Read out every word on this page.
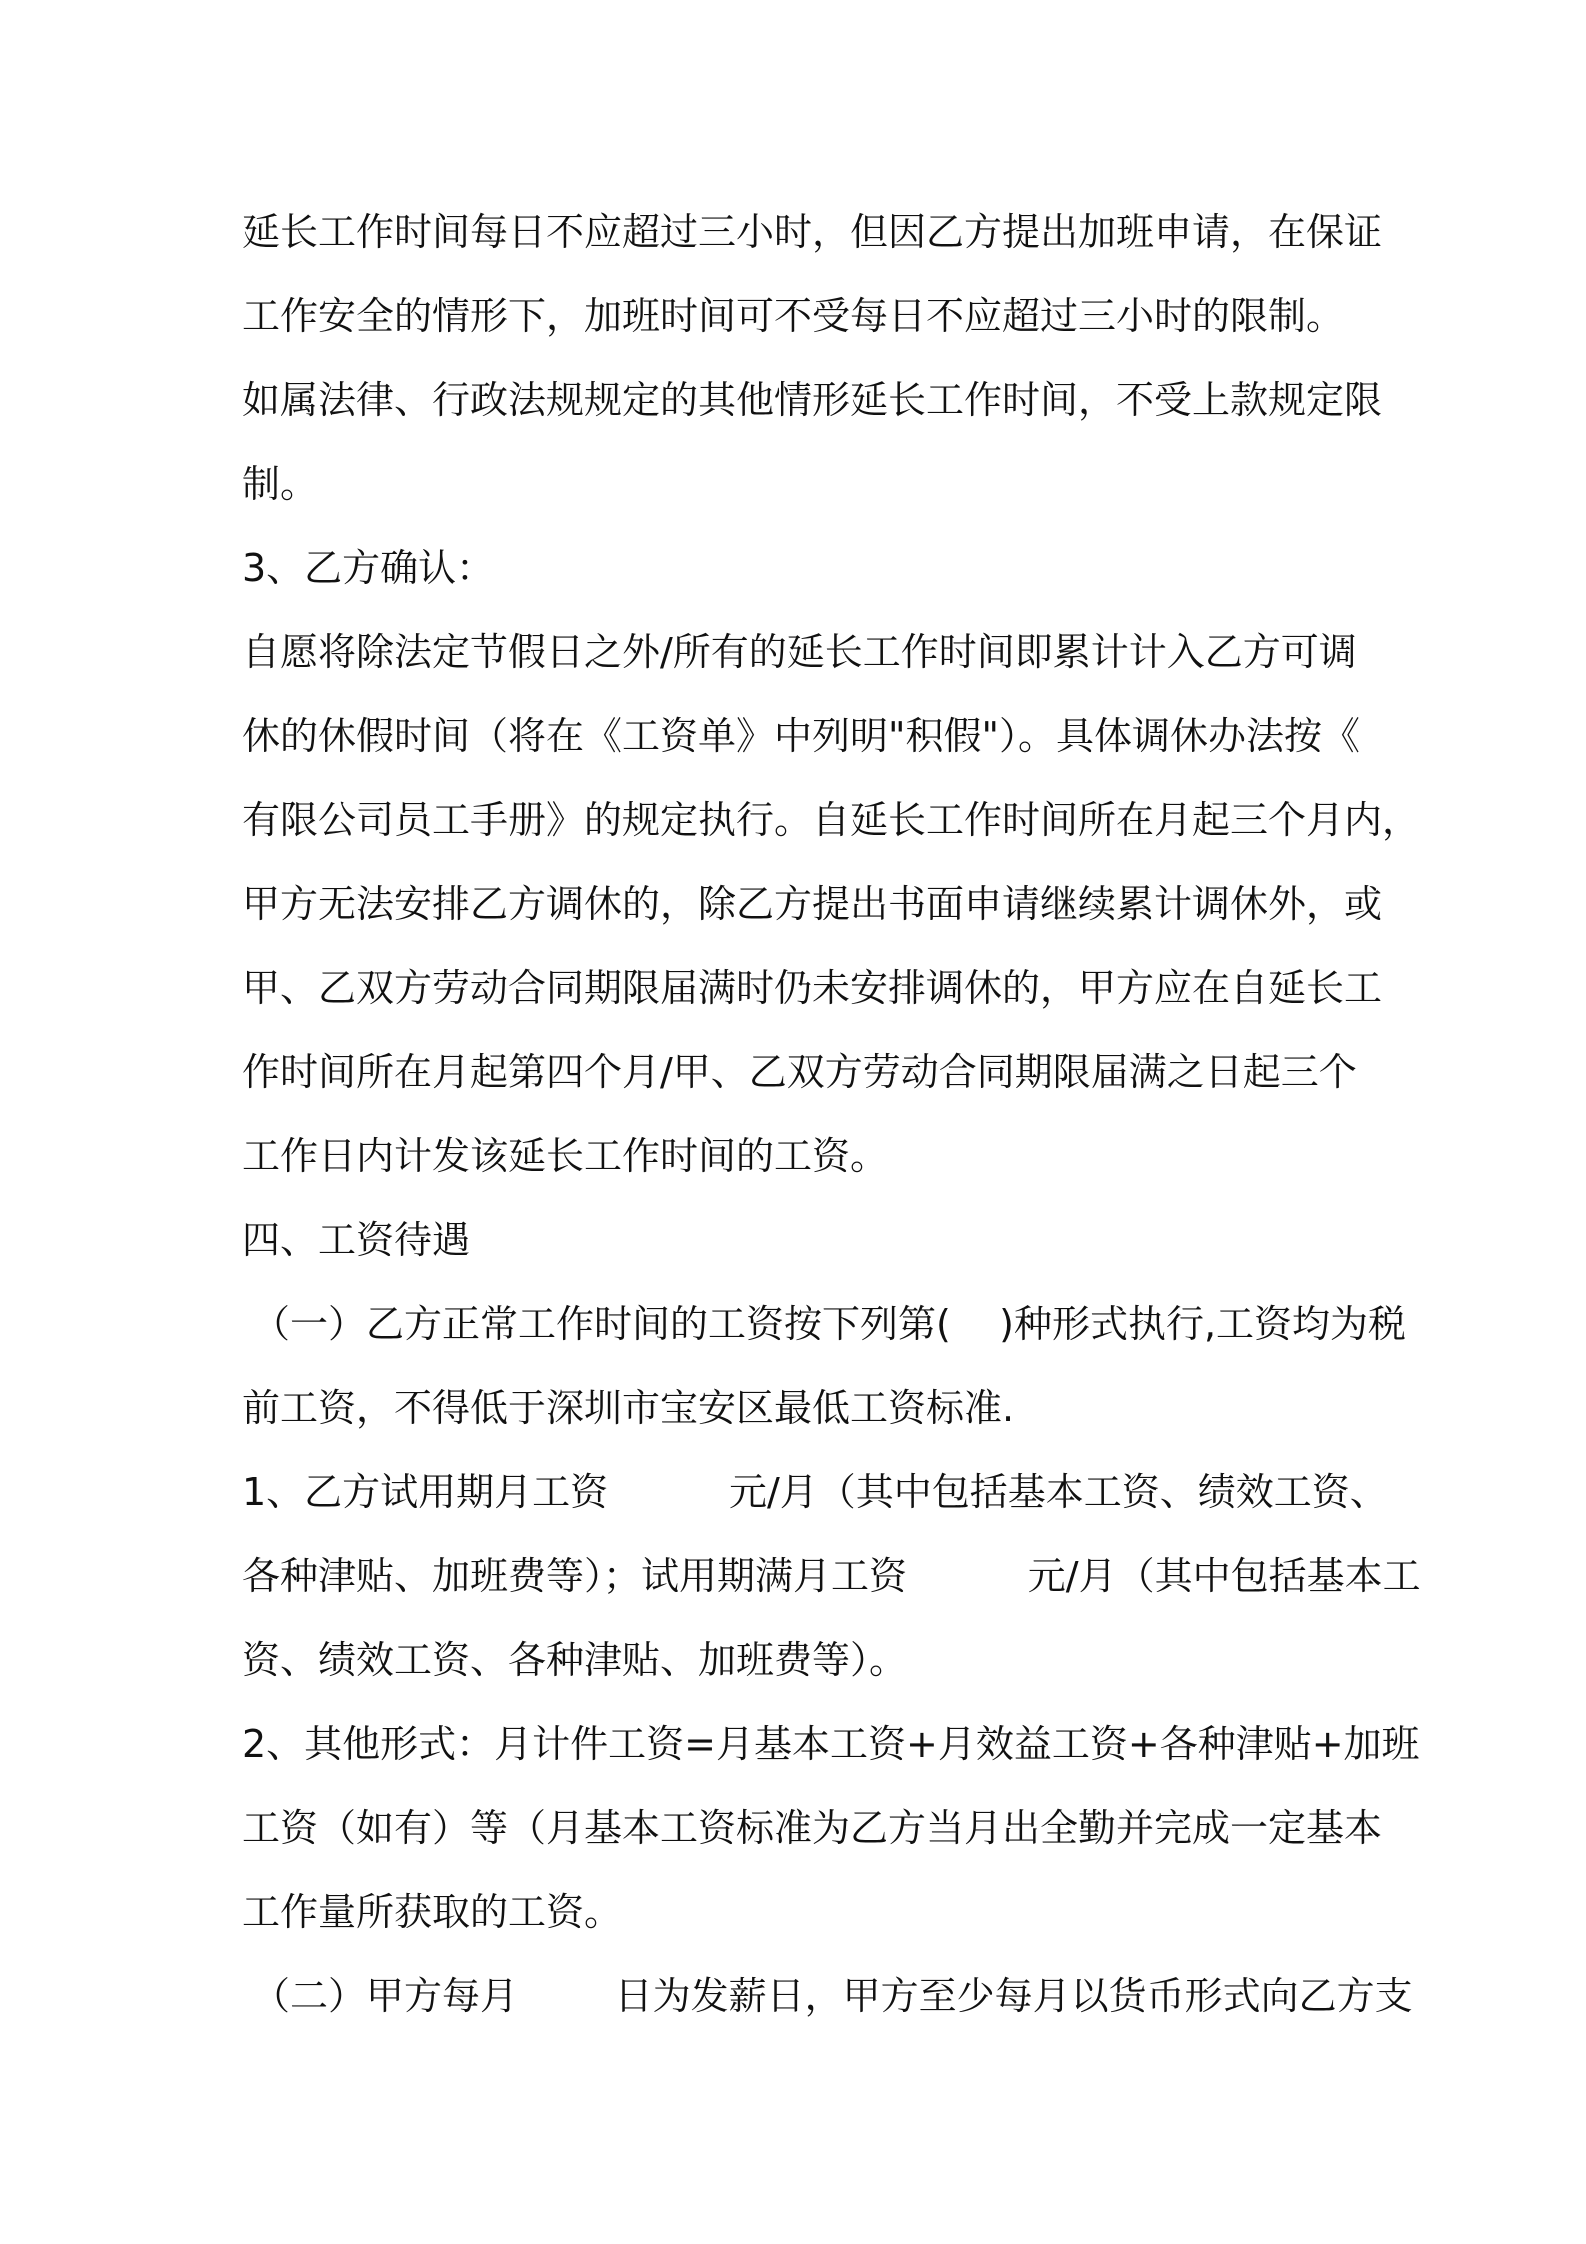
延长工作时间每日不应超过三小时，但因乙方提出加班申请，在保证
工作安全的情形下，加班时间可不受每日不应超过三小时的限制。
如属法律、行政法规规定的其他情形延长工作时间，不受上款规定限
制。
3、乙方确认：
自愿将除法定节假日之外/所有的延长工作时间即累计计入乙方可调
休的休假时间（将在《工资单》中列明"积假"）。具体调休办法按《
有限公司员工手册》的规定执行。自延长工作时间所在月起三个月内，
甲方无法安排乙方调休的，除乙方提出书面申请继续累计调休外，或
甲、乙双方劳动合同期限届满时仍未安排调休的，甲方应在自延长工
作时间所在月起第四个月/甲、乙双方劳动合同期限届满之日起三个
工作日内计发该延长工作时间的工资。
四、工资待遇
（一）乙方正常工作时间的工资按下列第(    )种形式执行,工资均为税
前工资，不得低于深圳市宝安区最低工资标准.
1、乙方试用期月工资          元/月（其中包括基本工资、绩效工资、
各种津贴、加班费等）；试用期满月工资          元/月（其中包括基本工
资、绩效工资、各种津贴、加班费等）。
2、其他形式：月计件工资=月基本工资+月效益工资+各种津贴+加班
工资（如有）等（月基本工资标准为乙方当月出全勤并完成一定基本
工作量所获取的工资。
（二）甲方每月        日为发薪日，甲方至少每月以货币形式向乙方支
